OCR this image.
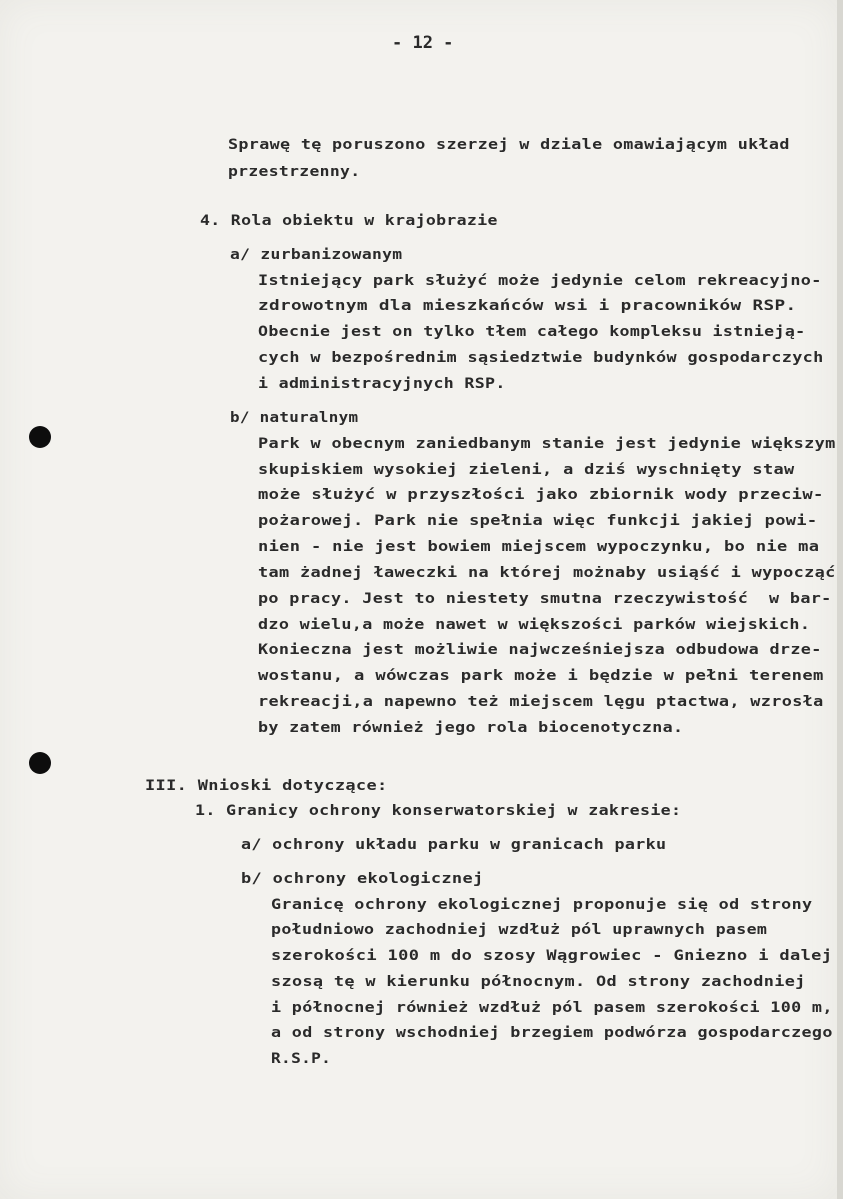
- 12 -
Sprawę tę poruszono szerzej w dziale omawiającym układ
przestrzenny.
4. Rola obiektu w krajobrazie
a/ zurbanizowanym
Istniejący park służyć może jedynie celom rekreacyjno-
zdrowotnym dla mieszkańców wsi i pracowników RSP.
Obecnie jest on tylko tłem całego kompleksu istnieją-
cych w bezpośrednim sąsiedztwie budynków gospodarczych
i administracyjnych RSP.
b/ naturalnym
Park w obecnym zaniedbanym stanie jest jedynie większym
skupiskiem wysokiej zieleni, a dziś wyschnięty staw
może służyć w przyszłości jako zbiornik wody przeciw-
pożarowej. Park nie spełnia więc funkcji jakiej powi-
nien - nie jest bowiem miejscem wypoczynku, bo nie ma
tam żadnej ławeczki na której możnaby usiąść i wypocząć
po pracy. Jest to niestety smutna rzeczywistość  w bar-
dzo wielu,a może nawet w większości parków wiejskich.
Konieczna jest możliwie najwcześniejsza odbudowa drze-
wostanu, a wówczas park może i będzie w pełni terenem
rekreacji,a napewno też miejscem lęgu ptactwa, wzrosła
by zatem również jego rola biocenotyczna.
III. Wnioski dotyczące:
1. Granicy ochrony konserwatorskiej w zakresie:
a/ ochrony układu parku w granicach parku
b/ ochrony ekologicznej
Granicę ochrony ekologicznej proponuje się od strony
południowo zachodniej wzdłuż pól uprawnych pasem
szerokości 100 m do szosy Wągrowiec - Gniezno i dalej
szosą tę w kierunku północnym. Od strony zachodniej
i północnej również wzdłuż pól pasem szerokości 100 m,
a od strony wschodniej brzegiem podwórza gospodarczego
R.S.P.
